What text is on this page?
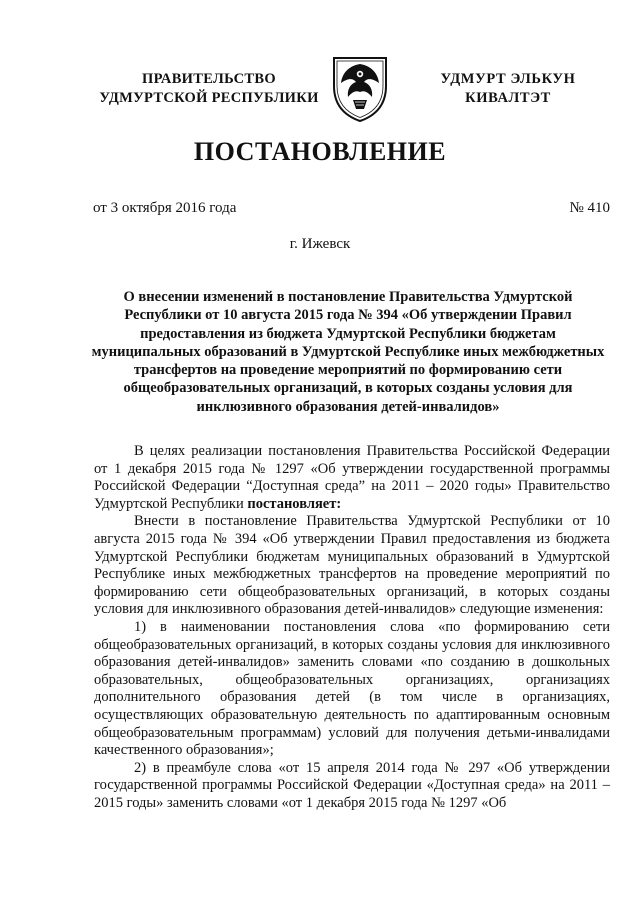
ПРАВИТЕЛЬСТВО
УДМУРТСКОЙ РЕСПУБЛИКИ
УДМУРТ ЭЛЬКУН
КИВАЛТЭТ
ПОСТАНОВЛЕНИЕ
от 3 октября 2016 года	№ 410
г. Ижевск
О внесении изменений в постановление Правительства Удмуртской Республики от 10 августа 2015 года № 394 «Об утверждении Правил предоставления из бюджета Удмуртской Республики бюджетам муниципальных образований в Удмуртской Республике иных межбюджетных трансфертов на проведение мероприятий по формированию сети общеобразовательных организаций, в которых созданы условия для инклюзивного образования детей-инвалидов»

В целях реализации постановления Правительства Российской Федерации от 1 декабря 2015 года № 1297 «Об утверждении государственной программы Российской Федерации “Доступная среда” на 2011 – 2020 годы» Правительство Удмуртской Республики постановляет:

Внести в постановление Правительства Удмуртской Республики от 10 августа 2015 года № 394 «Об утверждении Правил предоставления из бюджета Удмуртской Республики бюджетам муниципальных образований в Удмуртской Республике иных межбюджетных трансфертов на проведение мероприятий по формированию сети общеобразовательных организаций, в которых созданы условия для инклюзивного образования детей-инвалидов» следующие изменения:

1) в наименовании постановления слова «по формированию сети общеобразовательных организаций, в которых созданы условия для инклюзивного образования детей-инвалидов» заменить словами «по созданию в дошкольных образовательных, общеобразовательных организациях, организациях дополнительного образования детей (в том числе в организациях, осуществляющих образовательную деятельность по адаптированным основным общеобразовательным программам) условий для получения детьми-инвалидами качественного образования»;

2) в преамбуле слова «от 15 апреля 2014 года № 297 «Об утверждении государственной программы Российской Федерации «Доступная среда» на 2011 – 2015 годы» заменить словами «от 1 декабря 2015 года № 1297 «Об
